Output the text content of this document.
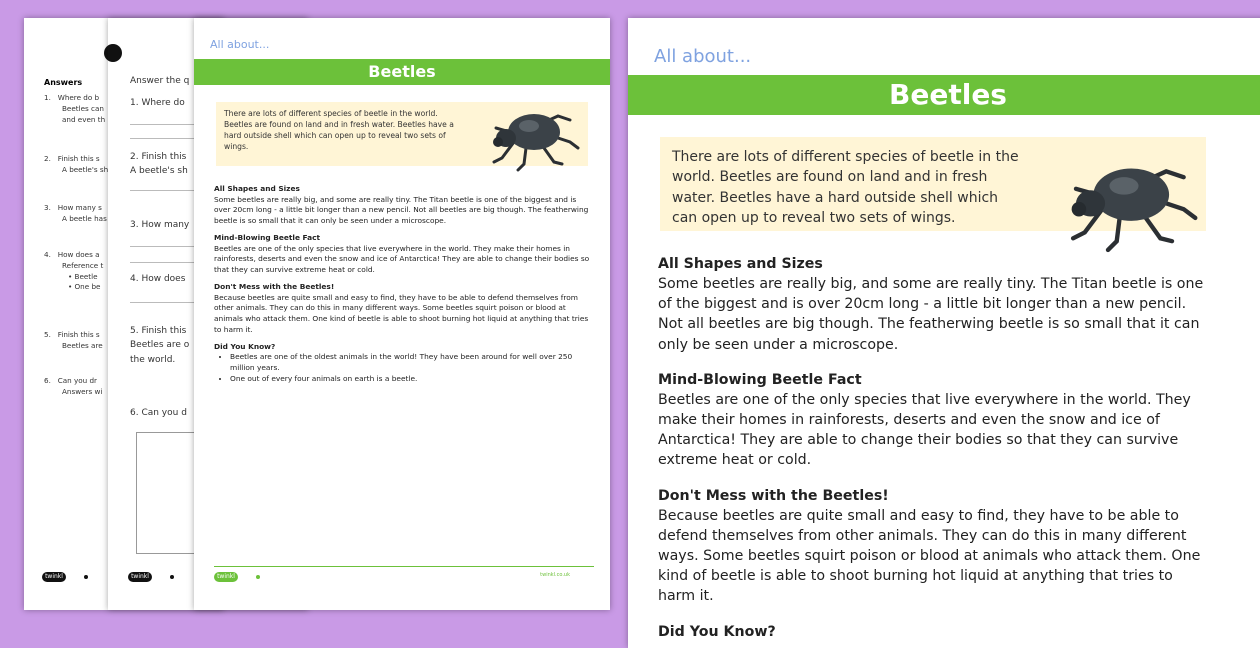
Answers
1. Where do b
Beetles can
and even th
2. Finish this s
A beetle's sh
3. How many s
A beetle has
4. How does a
Reference t
• Beetle
• One be
5. Finish this s
Beetles are
6. Can you dr
Answers wi
twinkl
Answer the q
1. Where do
2. Finish this
A beetle's sh
3. How many
4. How does
5. Finish this
Beetles are o
the world.
6. Can you d
twinkl
All about...
Beetles
There are lots of different species of beetle in the world. Beetles are found on land and in fresh water. Beetles have a hard outside shell which can open up to reveal two sets of wings.
All Shapes and Sizes

Some beetles are really big, and some are really tiny. The Titan beetle is one of the biggest and is over 20cm long - a little bit longer than a new pencil. Not all beetles are big though. The featherwing beetle is so small that it can only be seen under a microscope.

Mind-Blowing Beetle Fact

Beetles are one of the only species that live everywhere in the world. They make their homes in rainforests, deserts and even the snow and ice of Antarctica! They are able to change their bodies so that they can survive extreme heat or cold.

Don't Mess with the Beetles!

Because beetles are quite small and easy to find, they have to be able to defend themselves from other animals. They can do this in many different ways. Some beetles squirt poison or blood at animals who attack them. One kind of beetle is able to shoot burning hot liquid at anything that tries to harm it.

Did You Know?
• Beetles are one of the oldest animals in the world! They have been around for well over 250 million years.
• One out of every four animals on earth is a beetle.
twinkl	twinkl.co.uk
All about...
Beetles
There are lots of different species of beetle in the world. Beetles are found on land and in fresh water. Beetles have a hard outside shell which can open up to reveal two sets of wings.
All Shapes and Sizes

Some beetles are really big, and some are really tiny. The Titan beetle is one of the biggest and is over 20cm long - a little bit longer than a new pencil. Not all beetles are big though. The featherwing beetle is so small that it can only be seen under a microscope.

Mind-Blowing Beetle Fact

Beetles are one of the only species that live everywhere in the world. They make their homes in rainforests, deserts and even the snow and ice of Antarctica! They are able to change their bodies so that they can survive extreme heat or cold.

Don't Mess with the Beetles!

Because beetles are quite small and easy to find, they have to be able to defend themselves from other animals. They can do this in many different ways. Some beetles squirt poison or blood at animals who attack them. One kind of beetle is able to shoot burning hot liquid at anything that tries to harm it.

Did You Know?
